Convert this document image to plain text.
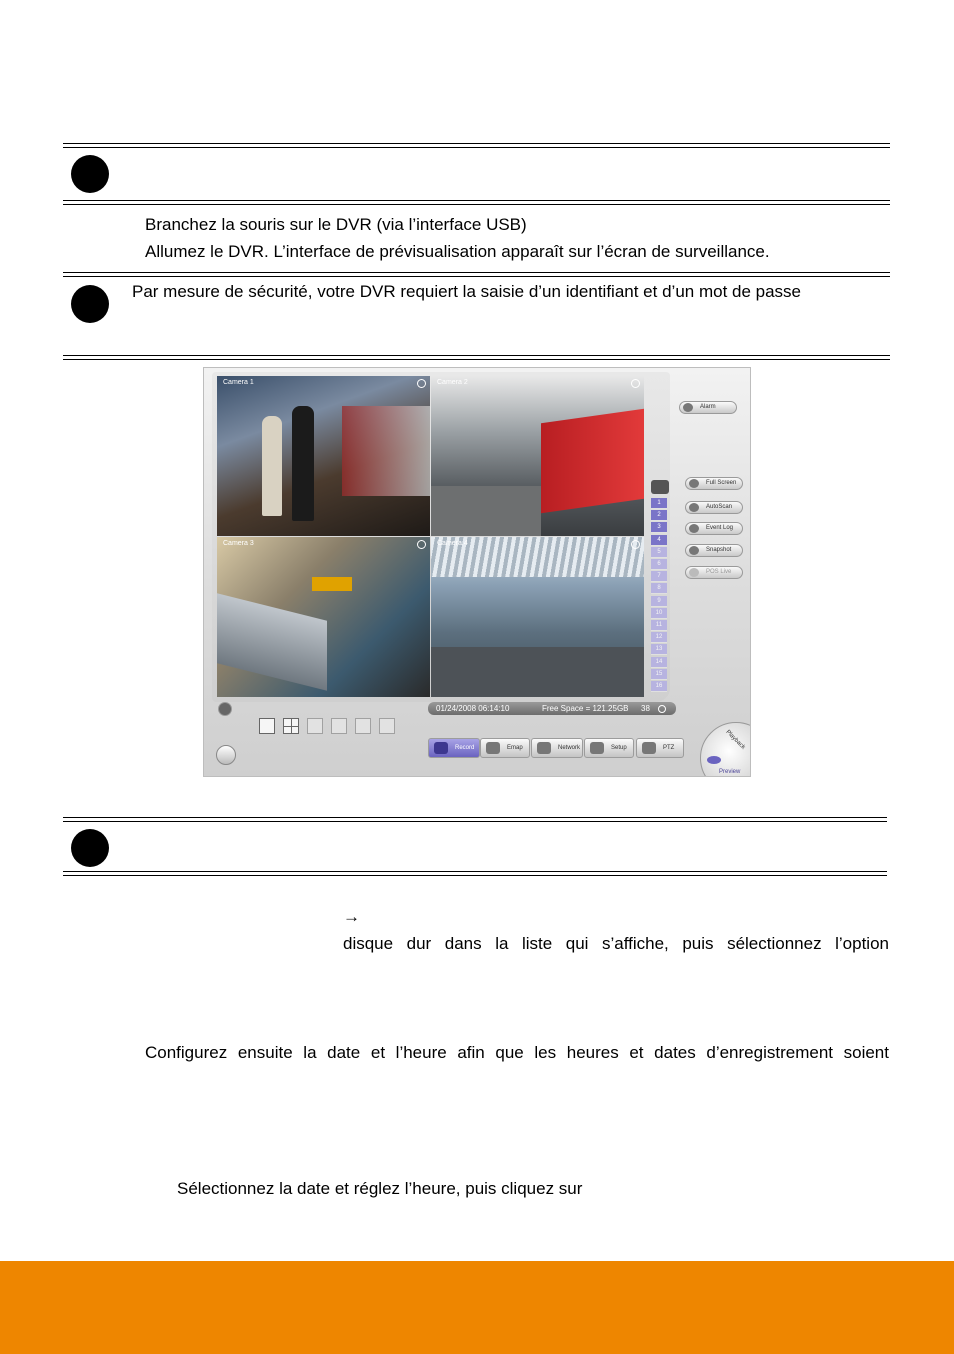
Branchez la souris sur le DVR (via l’interface USB)
Allumez le DVR. L’interface de prévisualisation apparaît sur l’écran de surveillance.
Par mesure de sécurité, votre DVR requiert la saisie d’un identifiant et d’un mot de passe
Camera 1	Camera 2
Camera 3	Camera 4
1
2
3
4
5
6
7
8
9
10
11
12
13
14
15
16
Alarm
Full Screen
AutoScan
Event Log
Snapshot
POS Live
01/24/2008 06:14:10	Free Space = 121.25GB 38
Record	Emap	Network	Setup	PTZ	Playback
Preview
→
disque dur dans la liste qui s’affiche, puis sélectionnez l’option
Configurez ensuite la date et l’heure afin que les heures et dates d’enregistrement soient
Sélectionnez la date et réglez l’heure, puis cliquez sur
